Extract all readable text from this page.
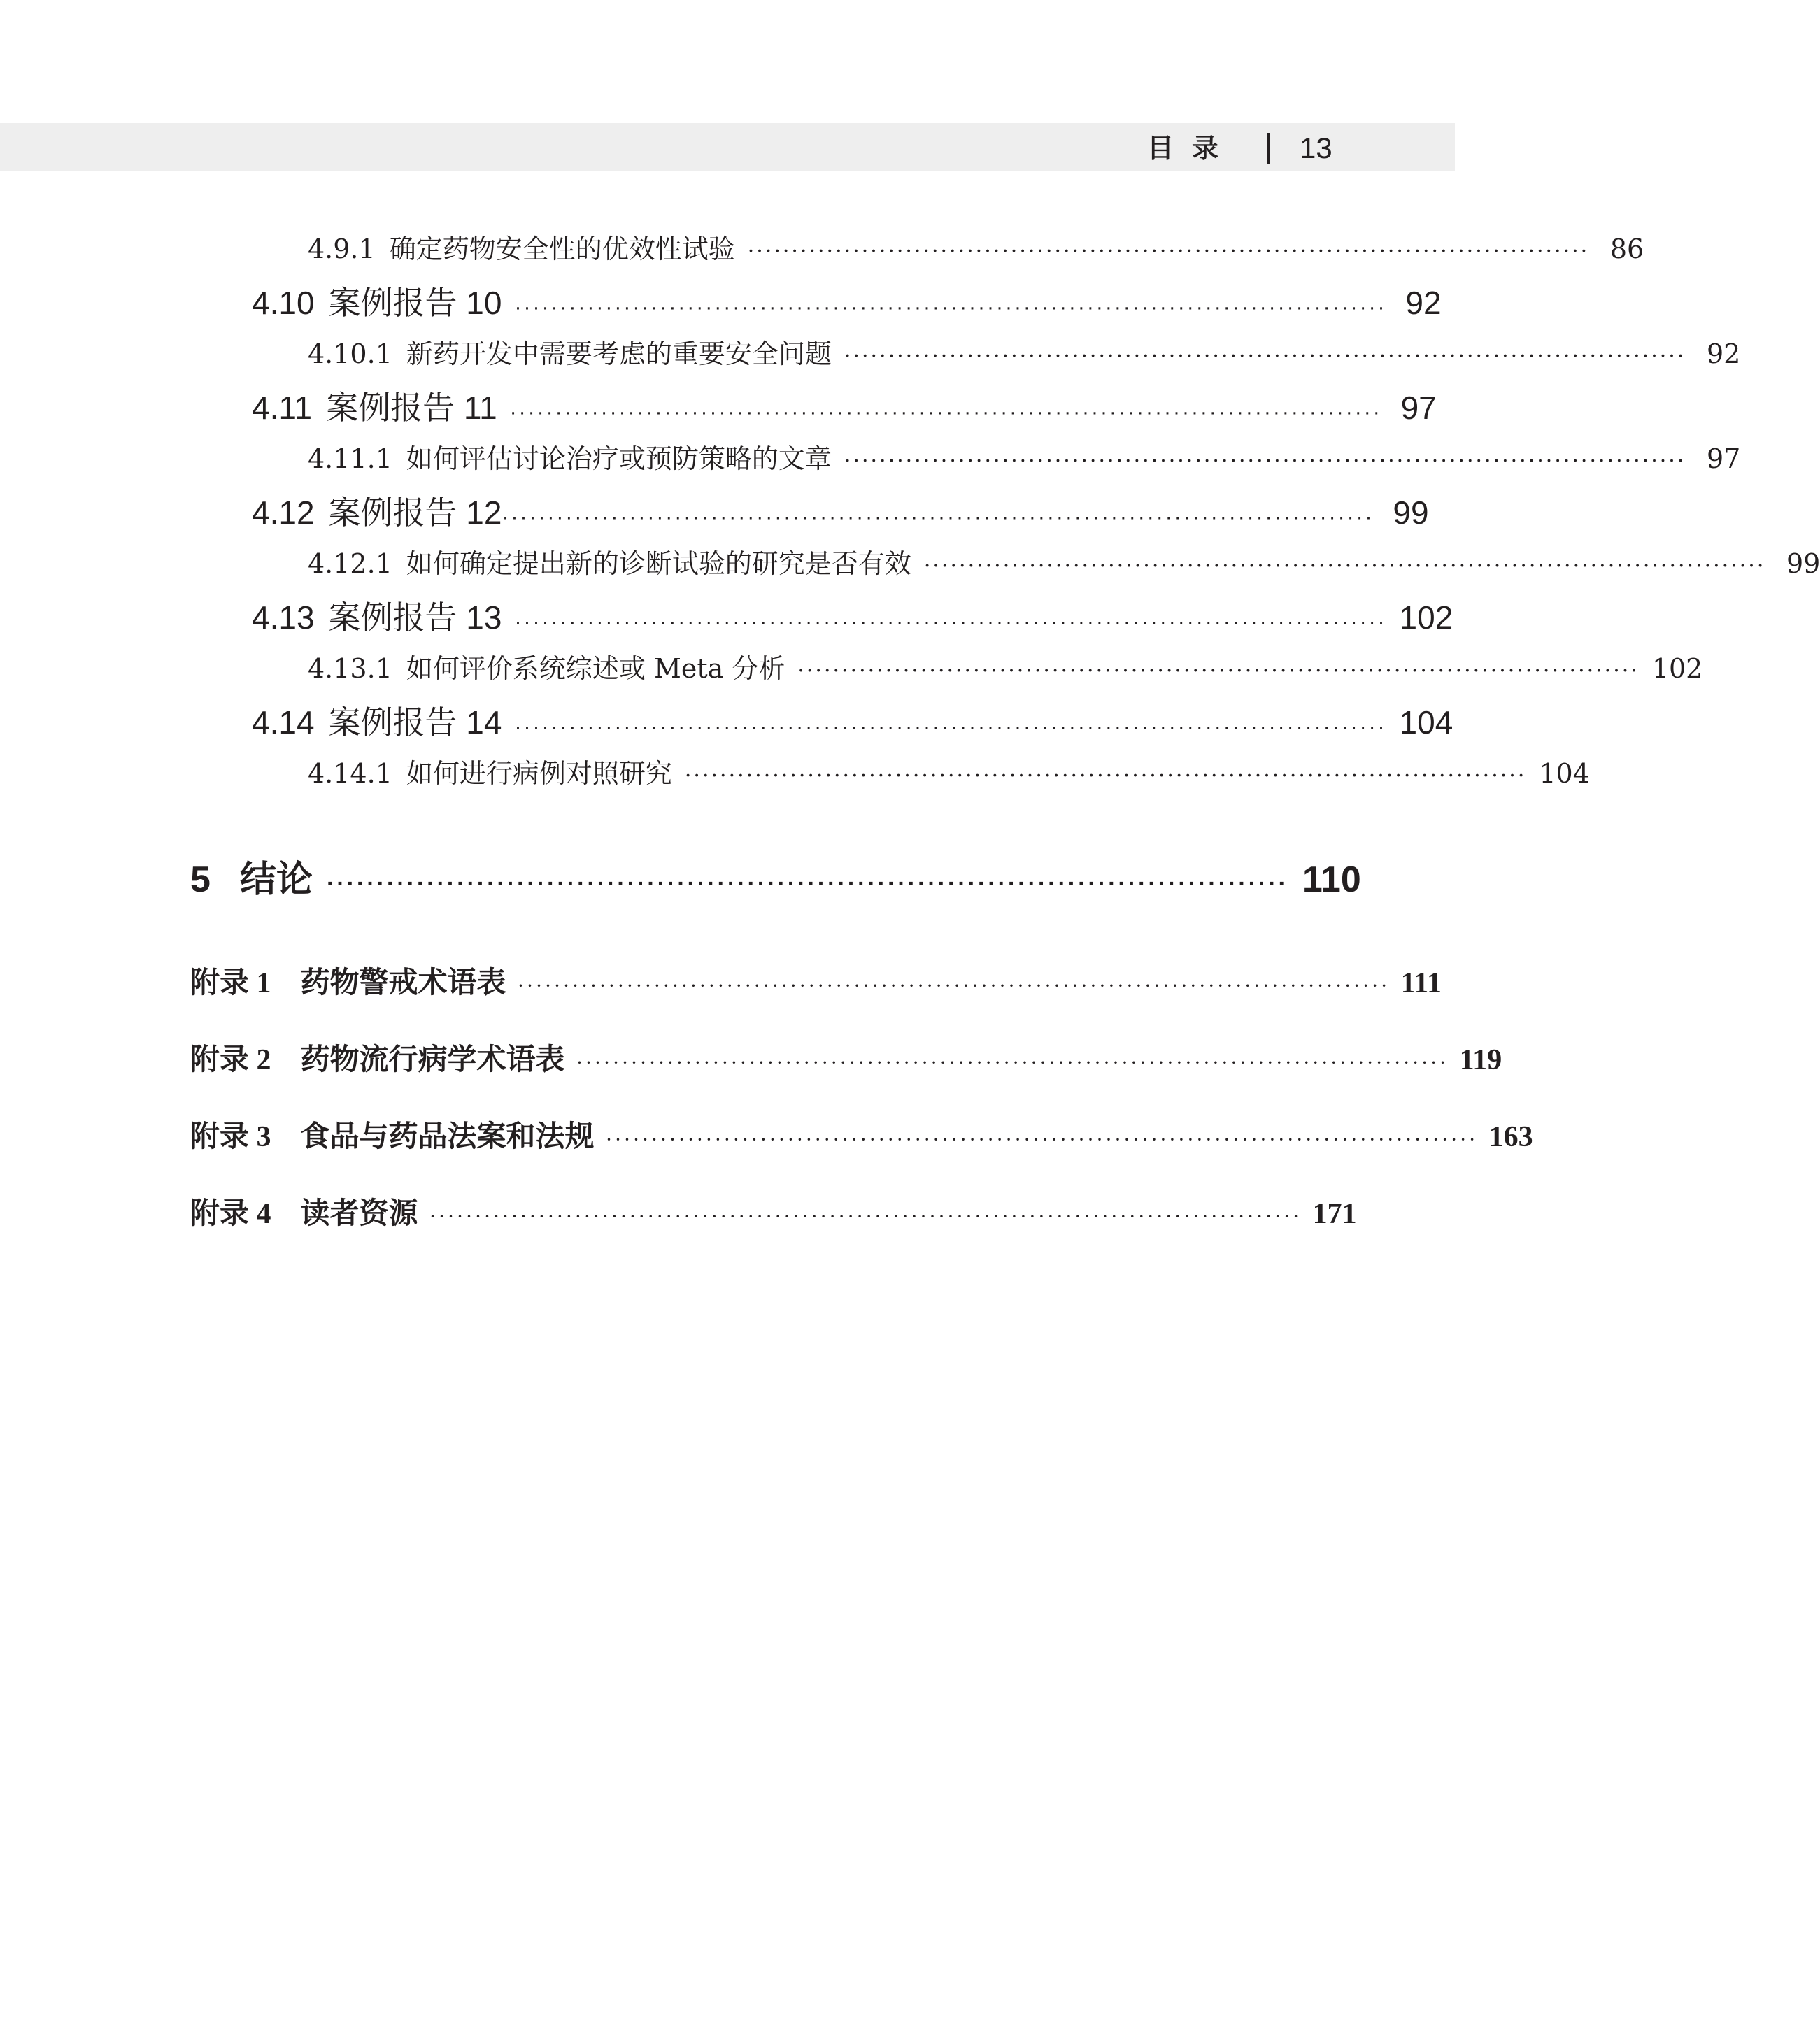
目录 13
4.9.1 确定药物安全性的优效性试验 ································································································ 86
4.10 案例报告 10 ································································································ 92
4.10.1 新药开发中需要考虑的重要安全问题 ································································································ 92
4.11 案例报告 11 ································································································ 97
4.11.1 如何评估讨论治疗或预防策略的文章 ································································································ 97
4.12 案例报告 12 ································································································ 99
4.12.1 如何确定提出新的诊断试验的研究是否有效 ································································································ 99
4.13 案例报告 13 ································································································ 102
4.13.1 如何评价系统综述或 Meta 分析 ································································································ 102
4.14 案例报告 14 ································································································ 104
4.14.1 如何进行病例对照研究 ································································································ 104
5 结论 ································································································ 110
附录 1 药物警戒术语表 ································································································ 111
附录 2 药物流行病学术语表 ································································································ 119
附录 3 食品与药品法案和法规 ································································································ 163
附录 4 读者资源 ································································································ 171
